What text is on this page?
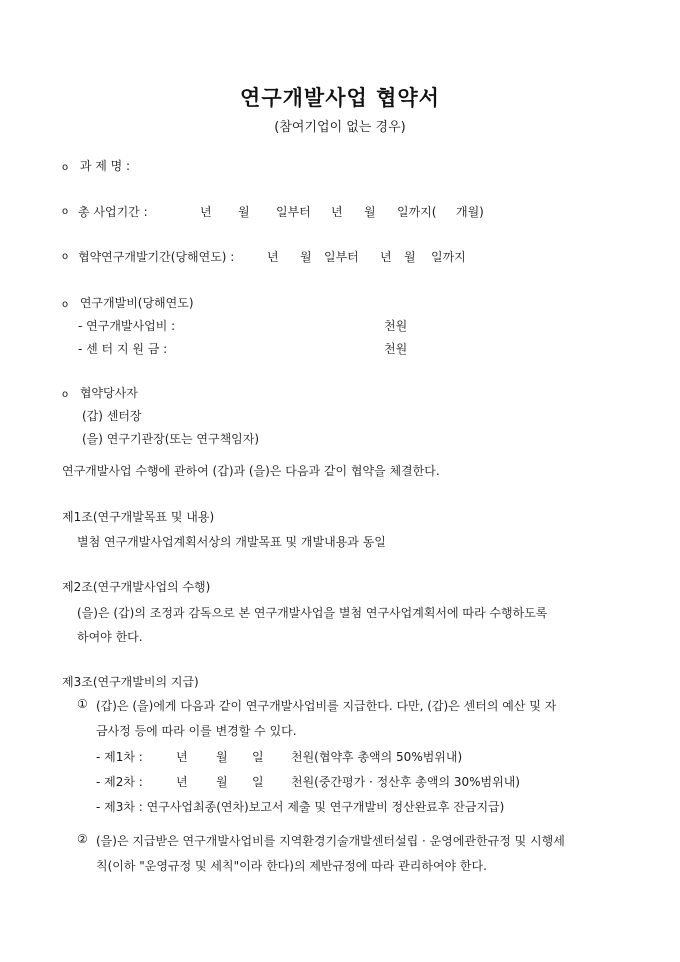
연구개발사업 협약서
(참여기업이 없는 경우)
o 과 제 명 :
o 총 사업기간 :	년 월 일부터 년 월 일까지( 개월)
o 협약연구개발기간(당해연도) :	년 월 일부터 년 월 일까지
o 연구개발비(당해연도)
- 연구개발사업비 :	천원
- 센 터 지 원 금 :	천원
o 협약당사자
(갑) 센터장
(을) 연구기관장(또는 연구책임자)
연구개발사업 수행에 관하여 (갑)과 (을)은 다음과 같이 협약을 체결한다.
제1조(연구개발목표 및 내용)
별첨 연구개발사업계획서상의 개발목표 및 개발내용과 동일
제2조(연구개발사업의 수행)
(을)은 (갑)의 조정과 감독으로 본 연구개발사업을 별첨 연구사업계획서에 따라 수행하도록
하여야 한다.
제3조(연구개발비의 지급)
① (갑)은 (을)에게 다음과 같이 연구개발사업비를 지급한다. 다만, (갑)은 센터의 예산 및 자
금사정 등에 따라 이를 변경할 수 있다.
- 제1차 :	년 월 일 천원(협약후 총액의 50%범위내)
- 제2차 :	년 월 일 천원(중간평가 · 정산후 총액의 30%범위내)
- 제3차 : 연구사업최종(연차)보고서 제출 및 연구개발비 정산완료후 잔금지급)
② (을)은 지급받은 연구개발사업비를 지역환경기술개발센터설립 · 운영에관한규정 및 시행세
칙(이하 "운영규정 및 세칙"이라 한다)의 제반규정에 따라 관리하여야 한다.
